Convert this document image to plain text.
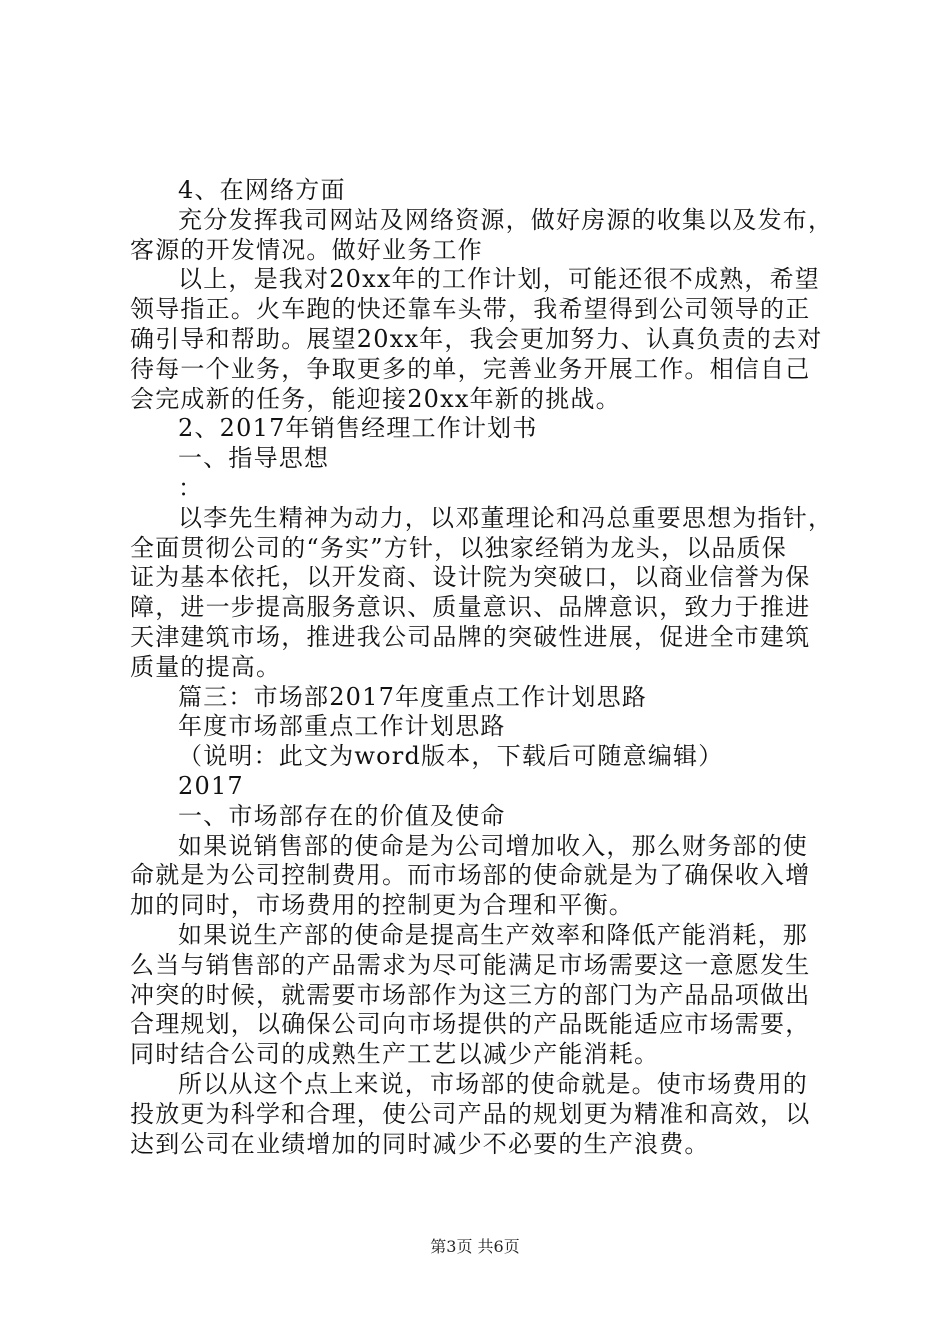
4、在网络方面
充分发挥我司网站及网络资源，做好房源的收集以及发布，
客源的开发情况。做好业务工作
以上，是我对20xx年的工作计划，可能还很不成熟，希望
领导指正。火车跑的快还靠车头带，我希望得到公司领导的正
确引导和帮助。展望20xx年，我会更加努力、认真负责的去对
待每一个业务，争取更多的单，完善业务开展工作。相信自己
会完成新的任务，能迎接20xx年新的挑战。
2、2017年销售经理工作计划书
一、指导思想
：
以李先生精神为动力，以邓董理论和冯总重要思想为指针，
全面贯彻公司的“务实”方针，以独家经销为龙头，以品质保
证为基本依托，以开发商、设计院为突破口，以商业信誉为保
障，进一步提高服务意识、质量意识、品牌意识，致力于推进
天津建筑市场，推进我公司品牌的突破性进展，促进全市建筑
质量的提高。
篇三：市场部2017年度重点工作计划思路
年度市场部重点工作计划思路
（说明：此文为word版本，下载后可随意编辑）
2017
一、市场部存在的价值及使命
如果说销售部的使命是为公司增加收入，那么财务部的使
命就是为公司控制费用。而市场部的使命就是为了确保收入增
加的同时，市场费用的控制更为合理和平衡。
如果说生产部的使命是提高生产效率和降低产能消耗，那
么当与销售部的产品需求为尽可能满足市场需要这一意愿发生
冲突的时候，就需要市场部作为这三方的部门为产品品项做出
合理规划，以确保公司向市场提供的产品既能适应市场需要，
同时结合公司的成熟生产工艺以减少产能消耗。
所以从这个点上来说，市场部的使命就是。使市场费用的
投放更为科学和合理，使公司产品的规划更为精准和高效，以
达到公司在业绩增加的同时减少不必要的生产浪费。
第3页 共6页
